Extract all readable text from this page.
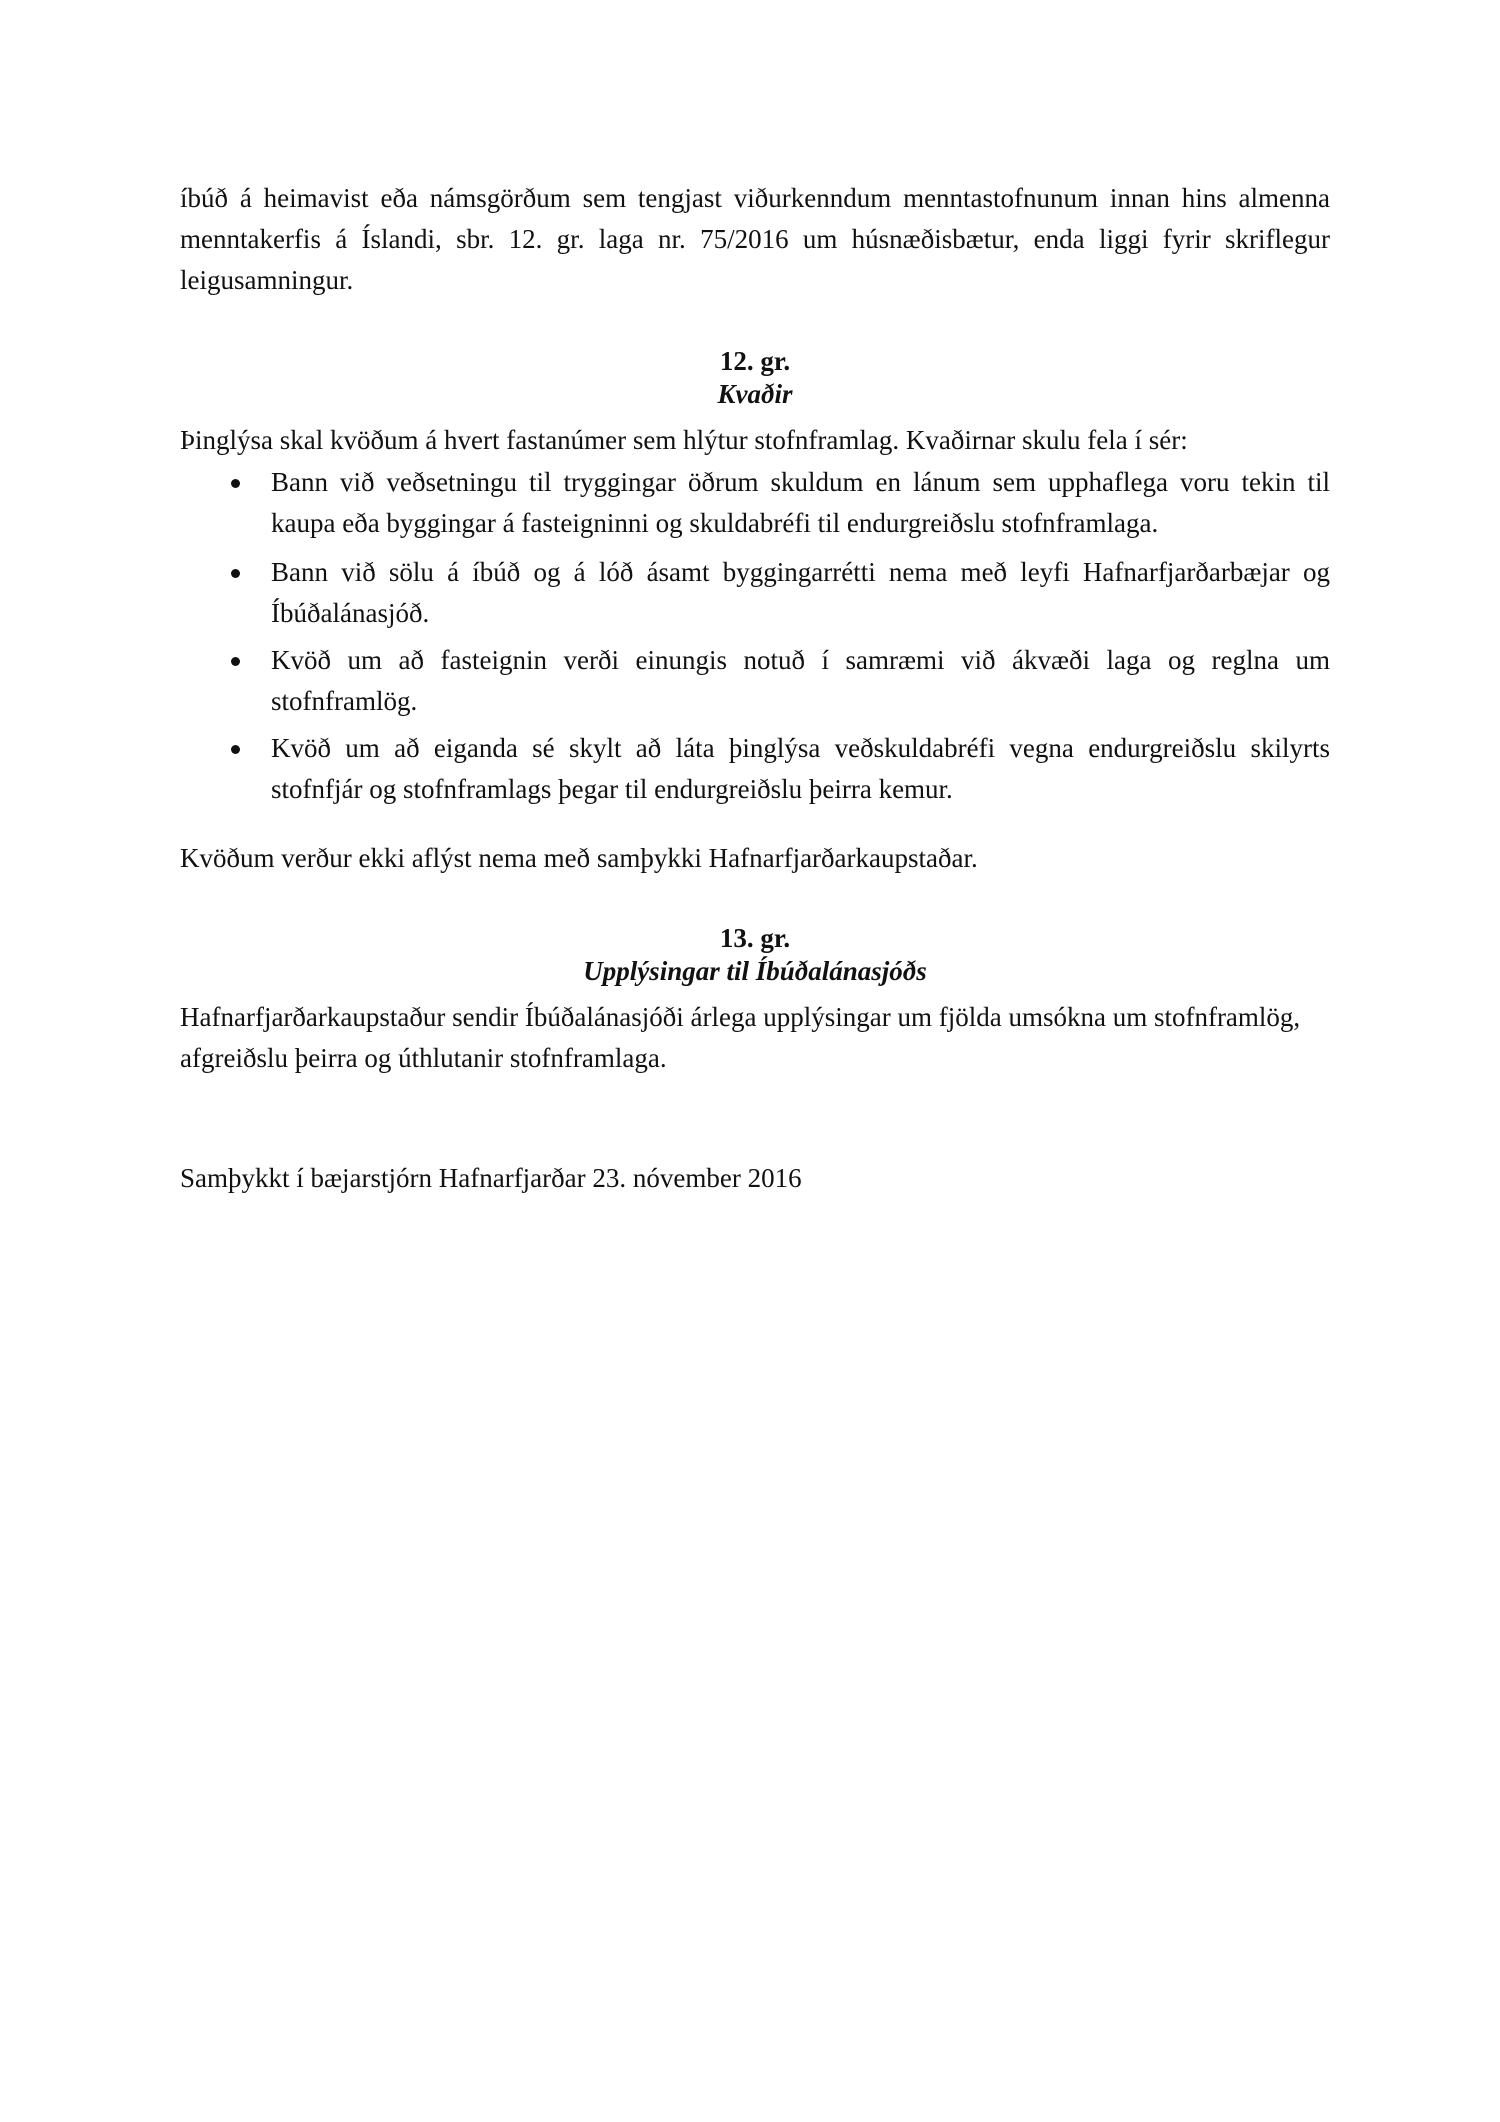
íbúð á heimavist eða námsgörðum sem tengjast viðurkenndum menntastofnunum innan hins almenna menntakerfis á Íslandi, sbr. 12. gr. laga nr. 75/2016 um húsnæðisbætur, enda liggi fyrir skriflegur leigusamningur.

12. gr.
Kvaðir

Þinglýsa skal kvöðum á hvert fastanúmer sem hlýtur stofnframlag. Kvaðirnar skulu fela í sér:

Bann við veðsetningu til tryggingar öðrum skuldum en lánum sem upphaflega voru tekin til kaupa eða byggingar á fasteigninni og skuldabréfi til endurgreiðslu stofnframlaga.
Bann við sölu á íbúð og á lóð ásamt byggingarrétti nema með leyfi Hafnarfjarðarbæjar og Íbúðalánasjóð.
Kvöð um að fasteignin verði einungis notuð í samræmi við ákvæði laga og reglna um stofnframlög.
Kvöð um að eiganda sé skylt að láta þinglýsa veðskuldabréfi vegna endurgreiðslu skilyrts stofnfjár og stofnframlags þegar til endurgreiðslu þeirra kemur.

Kvöðum verður ekki aflýst nema með samþykki Hafnarfjarðarkaupstaðar.

13. gr.
Upplýsingar til Íbúðalánasjóðs

Hafnarfjarðarkaupstaður sendir Íbúðalánasjóði árlega upplýsingar um fjölda umsókna um stofnframlög, afgreiðslu þeirra og úthlutanir stofnframlaga.

Samþykkt í bæjarstjórn Hafnarfjarðar 23. nóvember 2016
